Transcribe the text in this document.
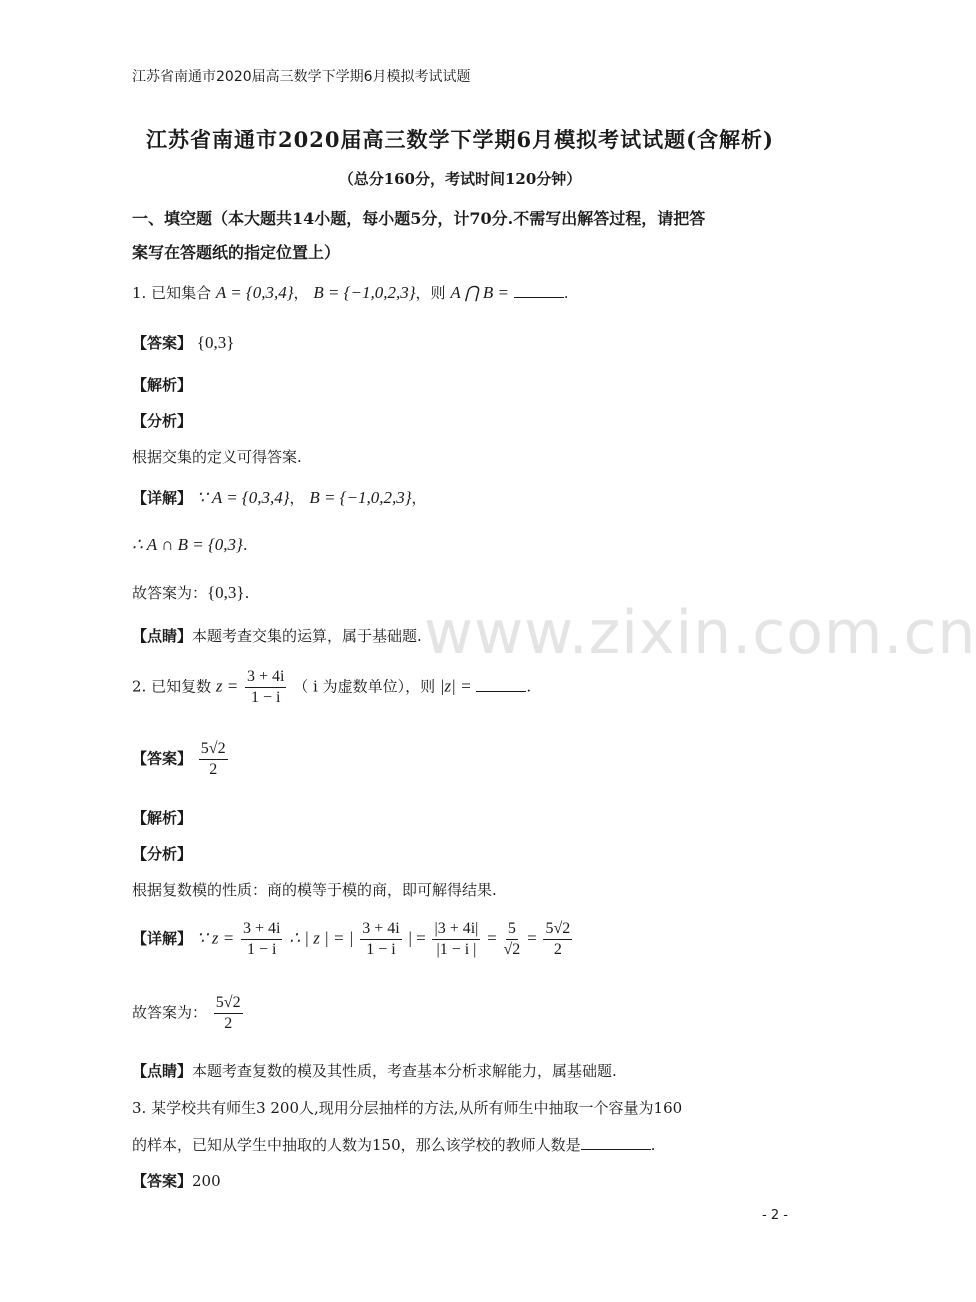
江苏省南通市2020届高三数学下学期6月模拟考试试题
江苏省南通市2020届高三数学下学期6月模拟考试试题(含解析)
（总分160分，考试时间120分钟）
一、填空题（本大题共14小题，每小题5分，计70分.不需写出解答过程，请把答
案写在答题纸的指定位置上）
1. 已知集合 A = {0,3,4}， B = {−1,0,2,3}，则 A ⋂ B =	.
【答案】 {0,3}
【解析】
【分析】
根据交集的定义可得答案.
【详解】 ∵ A = {0,3,4}， B = {−1,0,2,3}，
∴ A ∩ B = {0,3}.
故答案为：{0,3}.
【点睛】本题考查交集的运算，属于基础题.
2. 已知复数 $z = \frac{3 + 4i}{1 - i}$ （ i 为虚数单位），则 |z| =	.
【答案】 $\frac{5√2}{2}$
【解析】
【分析】
根据复数模的性质：商的模等于模的商，即可解得结果.
【详解】 ∵ $z = \frac{3 + 4i}{1 - i}$ ∴ | z | = | $\frac{3 + 4i}{1 - i}$ | = $\frac{|3 + 4i|}{|1 - i |} = \frac{5}{√2} = \frac{5√2}{2}$
故答案为： $\frac{5√2}{2}$
【点睛】本题考查复数的模及其性质，考查基本分析求解能力，属基础题.
3. 某学校共有师生3 200人,现用分层抽样的方法,从所有师生中抽取一个容量为160
的样本，已知从学生中抽取的人数为150，那么该学校的教师人数是	.
【答案】200
www.zixin.com.cn
- 2 -
